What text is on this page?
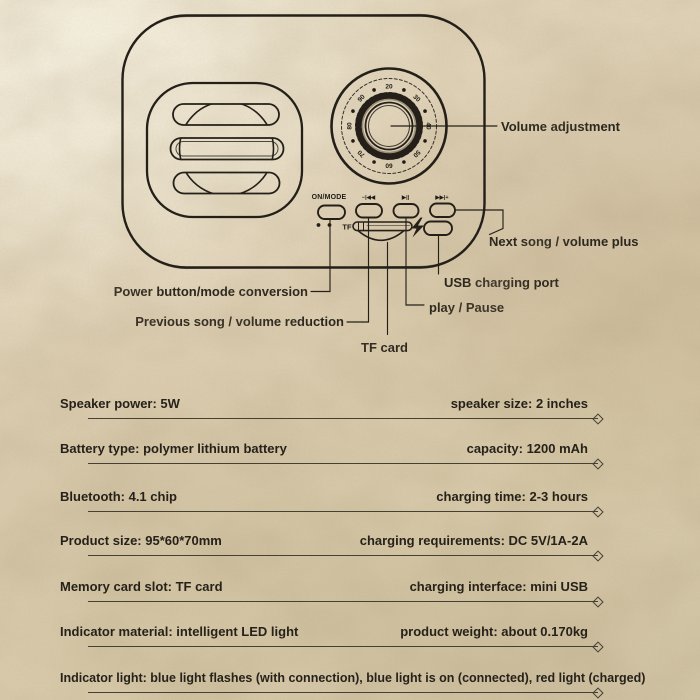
20
30
40
50
60
70
80
90
ON/MODE	−|◀◀	▶||	▶▶|+
TF
Volume adjustment
Next song / volume plus
USB charging port
play / Pause
Power button/mode conversion
Previous song / volume reduction
TF card
Speaker power: 5W	speaker size: 2 inches
Battery type: polymer lithium battery	capacity: 1200 mAh
Bluetooth: 4.1 chip	charging time: 2-3 hours
Product size: 95*60*70mm	charging requirements: DC 5V/1A-2A
Memory card slot: TF card	charging interface: mini USB
Indicator material: intelligent LED light	product weight: about 0.170kg
Indicator light: blue light flashes (with connection), blue light is on (connected), red light (charged)
